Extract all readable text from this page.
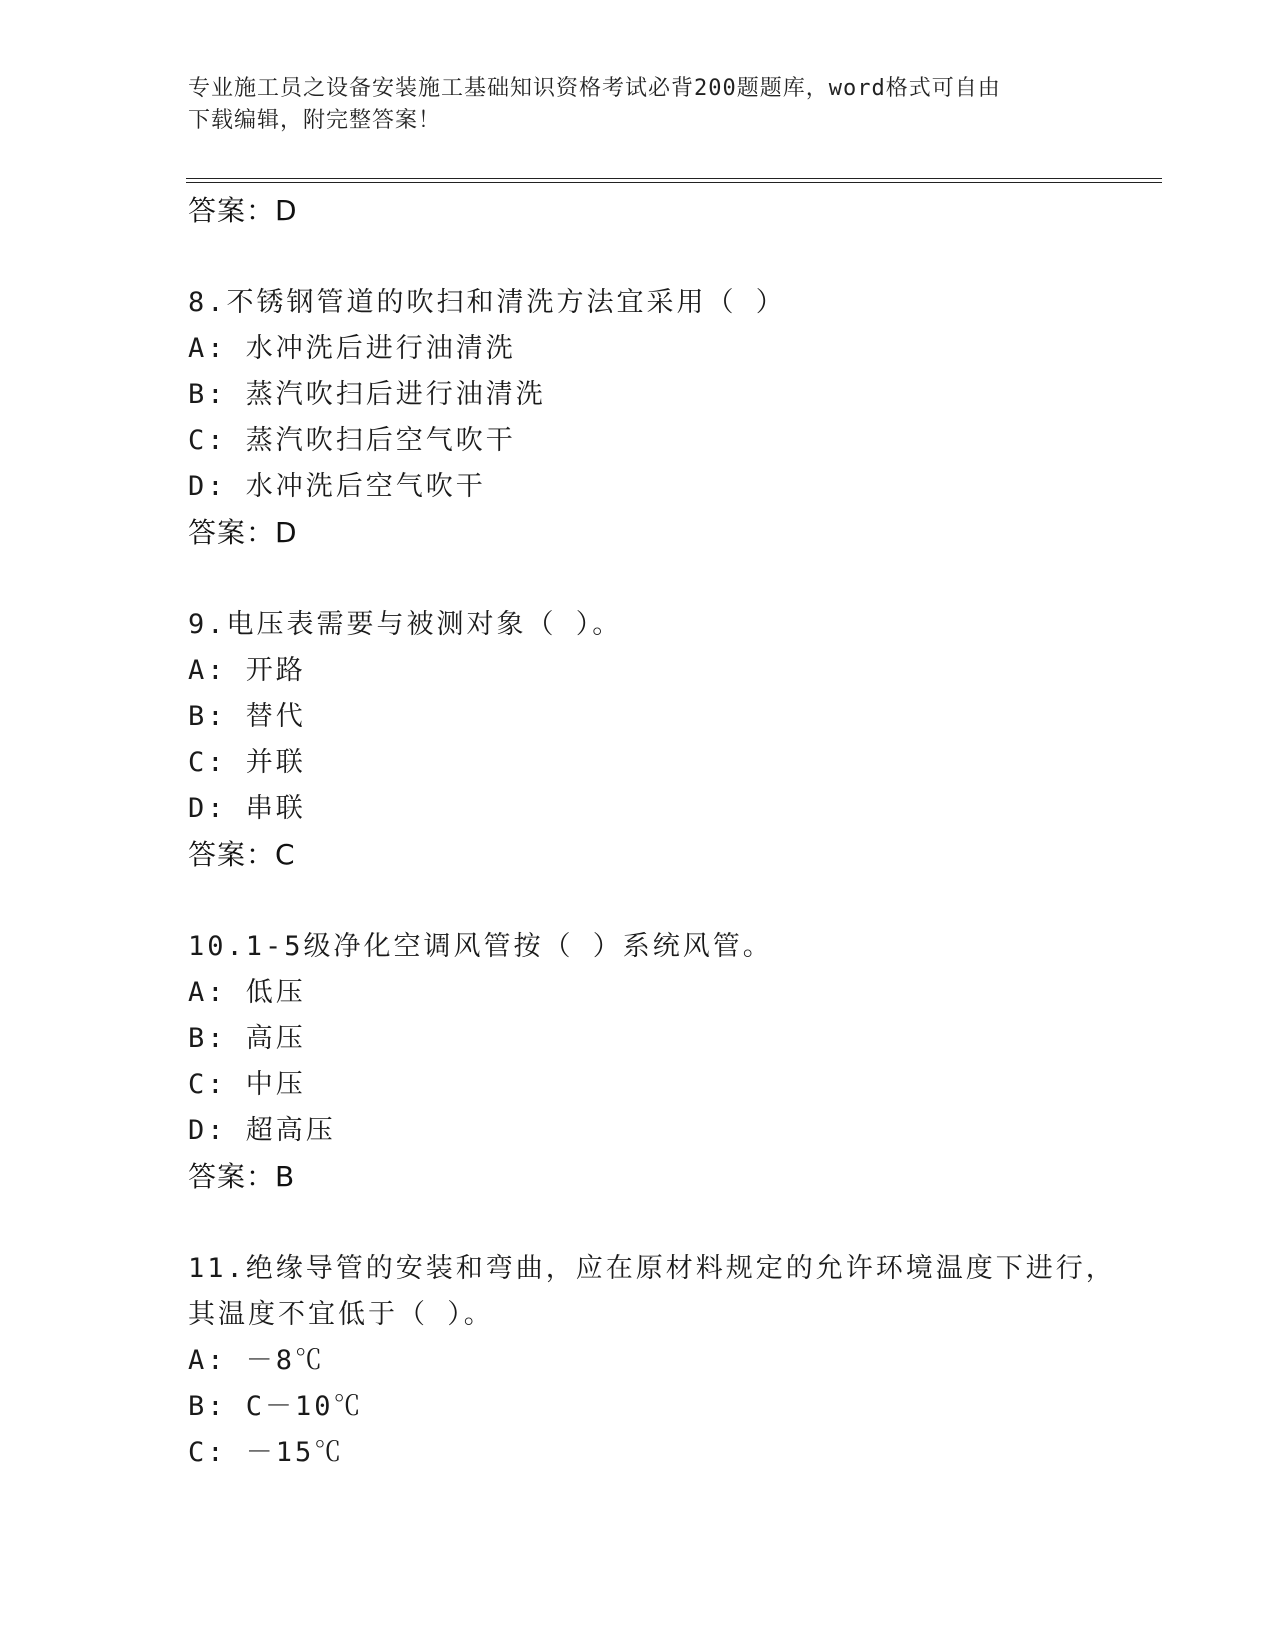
专业施工员之设备安装施工基础知识资格考试必背200题题库，word格式可自由
下载编辑，附完整答案！
答案：D
8.不锈钢管道的吹扫和清洗方法宜采用（ ）
A: 水冲洗后进行油清洗
B: 蒸汽吹扫后进行油清洗
C: 蒸汽吹扫后空气吹干
D: 水冲洗后空气吹干
答案：D
9.电压表需要与被测对象（ ）。
A: 开路
B: 替代
C: 并联
D: 串联
答案：C
10.1-5级净化空调风管按（ ）系统风管。
A: 低压
B: 高压
C: 中压
D: 超高压
答案：B
11.绝缘导管的安装和弯曲，应在原材料规定的允许环境温度下进行，
其温度不宜低于（ ）。
A: －8℃
B: C－10℃
C: －15℃
